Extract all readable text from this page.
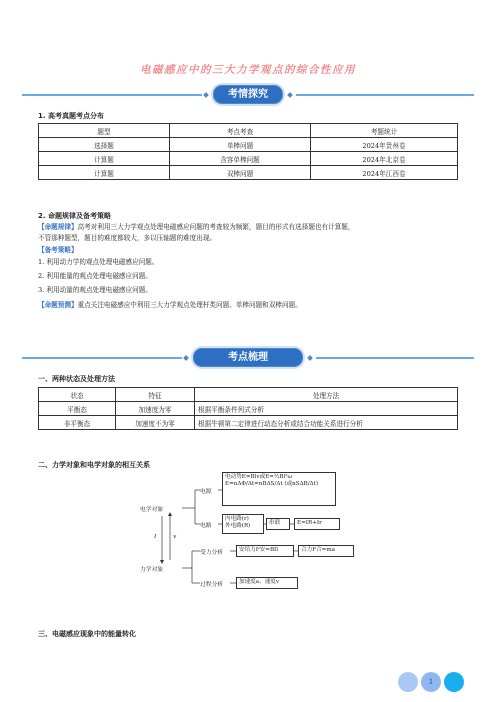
电磁感应中的三大力学观点的综合性应用
考情探究
1. 高考真题考点分布
题型	考点考查	考题统计
选择题	单棒问题	2024年贵州卷
计算题	含容单棒问题	2024年北京卷
计算题	双棒问题	2024年江西卷
2. 命题规律及备考策略
【命题规律】高考对利用三大力学观点处理电磁感应问题的考查较为频繁，题目的形式有选择题也有计算题，
不管那种题型，题目的难度都较大，多以压轴题的难度出现。
【备考策略】
1. 利用动力学的观点处理电磁感应问题。
2. 利用能量的观点处理电磁感应问题。
3. 利用动量的观点处理电磁感应问题。
【命题预测】重点关注电磁感应中利用三大力学观点处理杆类问题、单棒问题和双棒问题。
考点梳理
一、两种状态及处理方法
状态	特征	处理方法
平衡态	加速度为零	根据平衡条件列式分析
非平衡态	加速度不为零	根据牛顿第二定律进行动态分析或结合功能关系进行分析
二、力学对象和电学对象的相互关系
电学对象
力学对象
I	v
电源
电动势E=Blv或E=½Bl²ω
E=nΔΦ/Δt=nBΔS/Δt (或nSΔB/Δt)
电路
内电路(r)
外电路(R)	串联	E=IR+Ir
受力分析	安培力F安=BIl	合力F合=ma
过程分析	加速度a、速度v
三、电磁感应现象中的能量转化
1
